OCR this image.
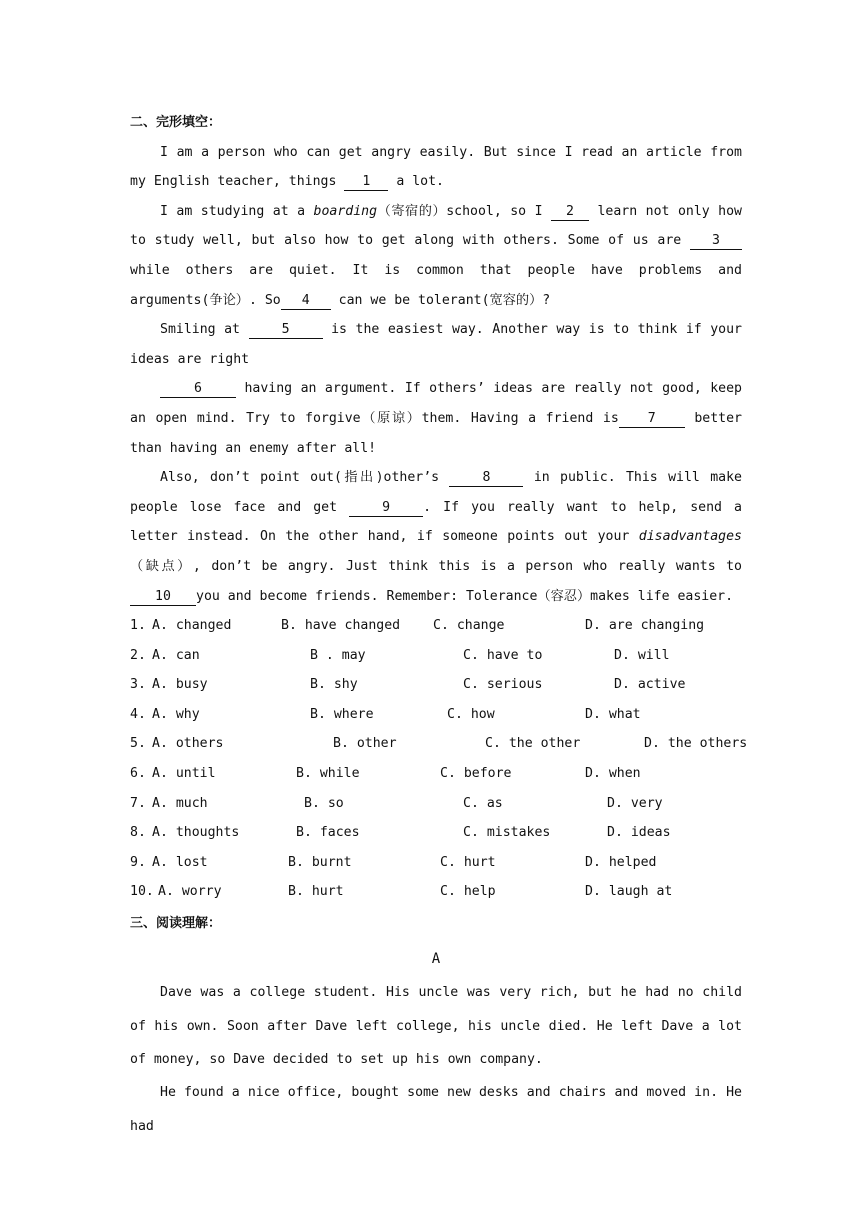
二、完形填空：

I am a person who can get angry easily. But since I read an article from my English teacher, things 1 a lot.

I am studying at a boarding（寄宿的）school, so I 2 learn not only how to study well, but also how to get along with others. Some of us are 3 while others are quiet. It is common that people have problems and arguments(争论）. So 4 can we be tolerant(宽容的）?

Smiling at	5	is the easiest way. Another way is to think if your ideas are right

6	having an argument. If others’ ideas are really not good, keep an open mind. Try to forgive（原谅）them. Having a friend is 7 better than having an enemy after all!

Also, don’t point out(指出)other’s	8	in public. This will make people lose face and get	9	. If you really want to help, send a letter instead. On the other hand, if someone points out your disadvantages（缺点）, don’t be angry. Just think this is a person who really wants to 10 you and become friends. Remember: Tolerance（容忍）makes life easier.

1. A. changed	B. have changed C. change	D. are changing
2. A. can	B . may	C. have to	D. will
3. A. busy	B. shy	C. serious	D. active
4. A. why	B. where	C. how	D. what
5. A. others	B. other	C. the other	D. the others
6. A. until	B. while	C. before	D. when
7. A. much	B. so	C. as	D. very
8. A. thoughts	B. faces	C. mistakes	D. ideas
9. A. lost	B. burnt	C. hurt	D. helped
10. A. worry	B. hurt	C. help	D. laugh at

三、阅读理解：

A

Dave was a college student. His uncle was very rich, but he had no child of his own. Soon after Dave left college, his uncle died. He left Dave a lot of money, so Dave decided to set up his own company.

He found a nice office, bought some new desks and chairs and moved in. He had
